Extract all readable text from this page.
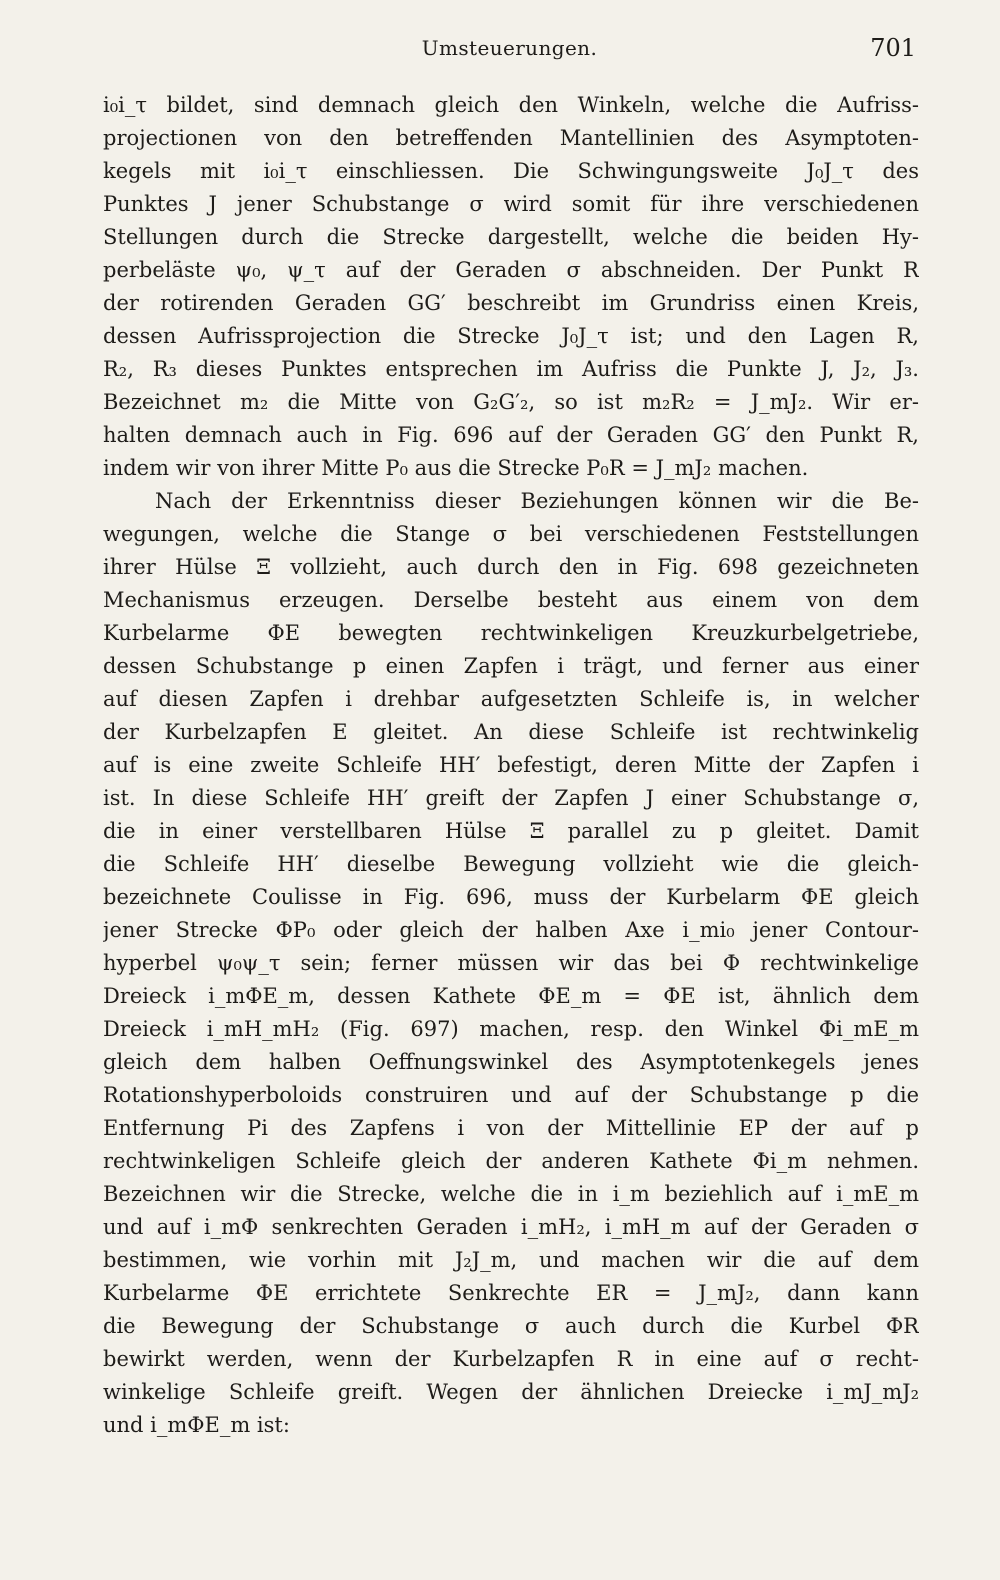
Umsteuerungen.	701
i₀i_τ bildet, sind demnach gleich den Winkeln, welche die Aufriss-
projectionen von den betreffenden Mantellinien des Asymptoten-
kegels mit i₀i_τ einschliessen. Die Schwingungsweite J₀J_τ des
Punktes J jener Schubstange σ wird somit für ihre verschiedenen
Stellungen durch die Strecke dargestellt, welche die beiden Hy-
perbeläste ψ₀, ψ_τ auf der Geraden σ abschneiden. Der Punkt R
der rotirenden Geraden GG′ beschreibt im Grundriss einen Kreis,
dessen Aufrissprojection die Strecke J₀J_τ ist; und den Lagen R,
R₂, R₃ dieses Punktes entsprechen im Aufriss die Punkte J, J₂, J₃.
Bezeichnet m₂ die Mitte von G₂G′₂, so ist m₂R₂ = J_mJ₂. Wir er-
halten demnach auch in Fig. 696 auf der Geraden GG′ den Punkt R,
indem wir von ihrer Mitte P₀ aus die Strecke P₀R = J_mJ₂ machen.
Nach der Erkenntniss dieser Beziehungen können wir die Be-
wegungen, welche die Stange σ bei verschiedenen Feststellungen
ihrer Hülse Ξ vollzieht, auch durch den in Fig. 698 gezeichneten
Mechanismus erzeugen. Derselbe besteht aus einem von dem
Kurbelarme ΦE bewegten rechtwinkeligen Kreuzkurbelgetriebe,
dessen Schubstange p einen Zapfen i trägt, und ferner aus einer
auf diesen Zapfen i drehbar aufgesetzten Schleife is, in welcher
der Kurbelzapfen E gleitet. An diese Schleife ist rechtwinkelig
auf is eine zweite Schleife HH′ befestigt, deren Mitte der Zapfen i
ist. In diese Schleife HH′ greift der Zapfen J einer Schubstange σ,
die in einer verstellbaren Hülse Ξ parallel zu p gleitet. Damit
die Schleife HH′ dieselbe Bewegung vollzieht wie die gleich-
bezeichnete Coulisse in Fig. 696, muss der Kurbelarm ΦE gleich
jener Strecke ΦP₀ oder gleich der halben Axe i_mi₀ jener Contour-
hyperbel ψ₀ψ_τ sein; ferner müssen wir das bei Φ rechtwinkelige
Dreieck i_mΦE_m, dessen Kathete ΦE_m = ΦE ist, ähnlich dem
Dreieck i_mH_mH₂ (Fig. 697) machen, resp. den Winkel Φi_mE_m
gleich dem halben Oeffnungswinkel des Asymptotenkegels jenes
Rotationshyperboloids construiren und auf der Schubstange p die
Entfernung Pi des Zapfens i von der Mittellinie EP der auf p
rechtwinkeligen Schleife gleich der anderen Kathete Φi_m nehmen.
Bezeichnen wir die Strecke, welche die in i_m beziehlich auf i_mE_m
und auf i_mΦ senkrechten Geraden i_mH₂, i_mH_m auf der Geraden σ
bestimmen, wie vorhin mit J₂J_m, und machen wir die auf dem
Kurbelarme ΦE errichtete Senkrechte ER = J_mJ₂, dann kann
die Bewegung der Schubstange σ auch durch die Kurbel ΦR
bewirkt werden, wenn der Kurbelzapfen R in eine auf σ recht-
winkelige Schleife greift. Wegen der ähnlichen Dreiecke i_mJ_mJ₂
und i_mΦE_m ist:
